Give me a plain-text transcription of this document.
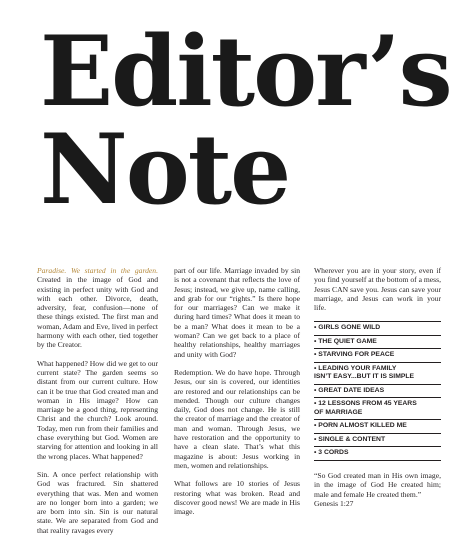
Editor’s
Note

Paradise. We started in the garden. Created in the image of God and existing in perfect unity with God and with each other. Divorce, death, adversity, fear, confusion—none of these things existed. The first man and woman, Adam and Eve, lived in perfect harmony with each other, tied together by the Creator.

What happened? How did we get to our current state? The garden seems so distant from our current culture. How can it be true that God created man and woman in His image? How can marriage be a good thing, representing Christ and the church? Look around. Today, men run from their families and chase everything but God. Women are starving for attention and looking in all the wrong places. What happened?

Sin. A once perfect relationship with God was fractured. Sin shattered everything that was. Men and women are no longer born into a garden; we are born into sin. Sin is our natural state. We are separated from God and that reality ravages every

part of our life. Marriage invaded by sin is not a covenant that reflects the love of Jesus; instead, we give up, name calling, and grab for our “rights.” Is there hope for our marriages? Can we make it during hard times? What does it mean to be a man? What does it mean to be a woman? Can we get back to a place of healthy relationships, healthy marriages and unity with God?

Redemption. We do have hope. Through Jesus, our sin is covered, our identities are restored and our relationships can be mended. Though our culture changes daily, God does not change. He is still the creator of marriage and the creator of man and woman. Through Jesus, we have restoration and the opportunity to have a clean slate. That’s what this magazine is about: Jesus working in men, women and relationships.

What follows are 10 stories of Jesus restoring what was broken. Read and discover good news! We are made in His image.

Wherever you are in your story, even if you find yourself at the bottom of a mess, Jesus CAN save you. Jesus can save your marriage, and Jesus can work in your life.

• GIRLS GONE WILD
• THE QUIET GAME
• STARVING FOR PEACE
• LEADING YOUR FAMILY
ISN’T EASY...BUT IT IS SIMPLE
• GREAT DATE IDEAS
• 12 LESSONS FROM 45 YEARS
OF MARRIAGE
• PORN ALMOST KILLED ME
• SINGLE & CONTENT
• 3 CORDS

“So God created man in His own image, in the image of God He created him; male and female He created them.”
Genesis 1:27
